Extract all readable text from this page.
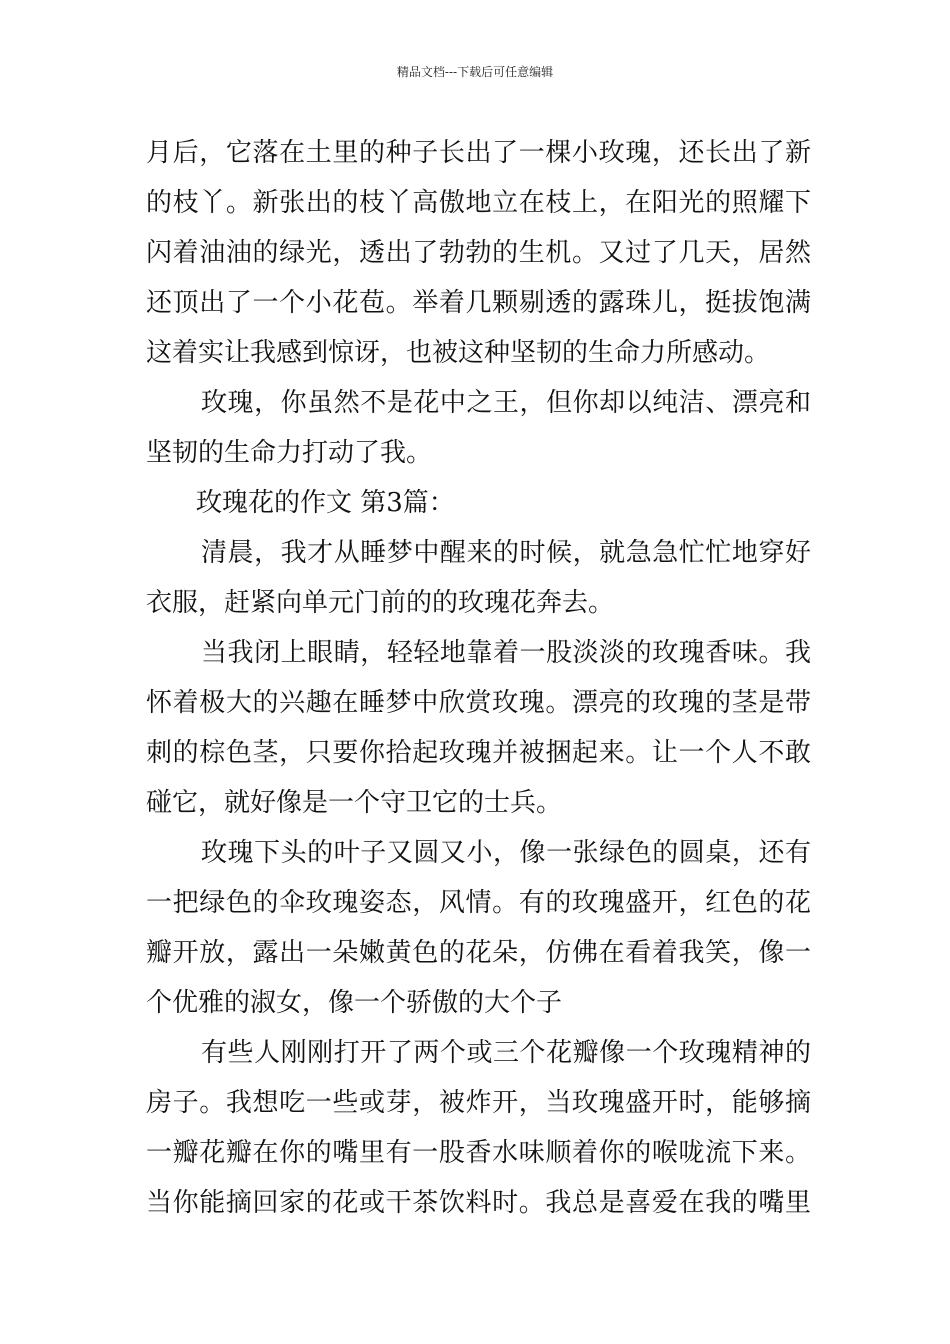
精品文档---下载后可任意编辑
月后，它落在土里的种子长出了一棵小玫瑰，还长出了新
的枝丫。新张出的枝丫高傲地立在枝上，在阳光的照耀下
闪着油油的绿光，透出了勃勃的生机。又过了几天，居然
还顶出了一个小花苞。举着几颗剔透的露珠儿，挺拔饱满
这着实让我感到惊讶，也被这种坚韧的生命力所感动。
玫瑰，你虽然不是花中之王，但你却以纯洁、漂亮和
坚韧的生命力打动了我。
玫瑰花的作文 第3篇：
清晨，我才从睡梦中醒来的时候，就急急忙忙地穿好
衣服，赶紧向单元门前的的玫瑰花奔去。
当我闭上眼睛，轻轻地靠着一股淡淡的玫瑰香味。我
怀着极大的兴趣在睡梦中欣赏玫瑰。漂亮的玫瑰的茎是带
刺的棕色茎，只要你拾起玫瑰并被捆起来。让一个人不敢
碰它，就好像是一个守卫它的士兵。
玫瑰下头的叶子又圆又小，像一张绿色的圆桌，还有
一把绿色的伞玫瑰姿态，风情。有的玫瑰盛开，红色的花
瓣开放，露出一朵嫩黄色的花朵，仿佛在看着我笑，像一
个优雅的淑女，像一个骄傲的大个子
有些人刚刚打开了两个或三个花瓣像一个玫瑰精神的
房子。我想吃一些或芽，被炸开，当玫瑰盛开时，能够摘
一瓣花瓣在你的嘴里有一股香水味顺着你的喉咙流下来。
当你能摘回家的花或干茶饮料时。我总是喜爱在我的嘴里
